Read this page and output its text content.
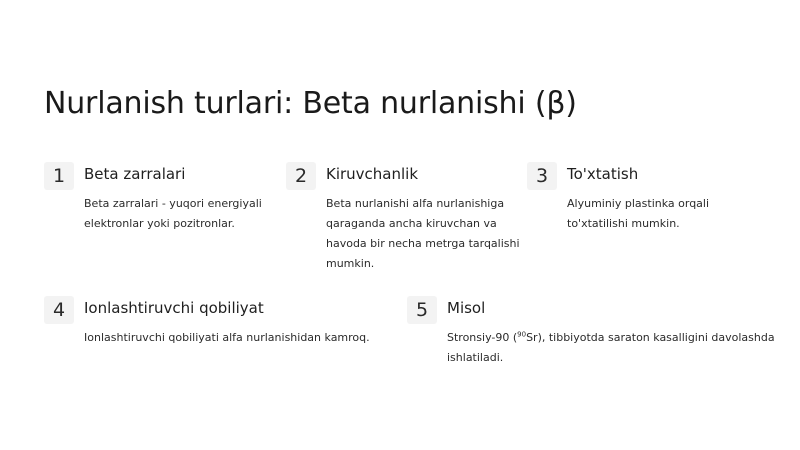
Nurlanish turlari: Beta nurlanishi (β)
1	Beta zarralari
Beta zarralari - yuqori energiyali elektronlar yoki pozitronlar.
2	Kiruvchanlik
Beta nurlanishi alfa nurlanishiga qaraganda ancha kiruvchan va havoda bir necha metrga tarqalishi mumkin.
3	To'xtatish
Alyuminiy plastinka orqali to'xtatilishi mumkin.
4	Ionlashtiruvchi qobiliyat
Ionlashtiruvchi qobiliyati alfa nurlanishidan kamroq.
5	Misol
Stronsiy-90 ($^{90}$Sr), tibbiyotda saraton kasalligini davolashda ishlatiladi.
